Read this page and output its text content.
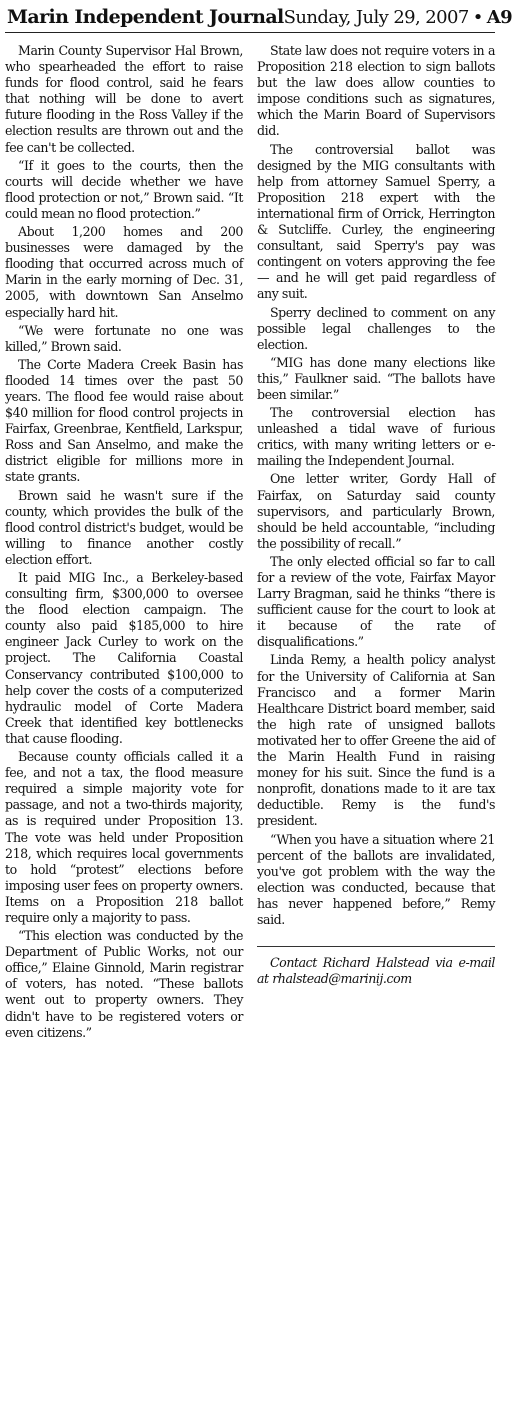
Marin Independent Journal Sunday, July 29, 2007 • A9

Marin County Supervisor Hal Brown, who spearheaded the effort to raise funds for flood control, said he fears that nothing will be done to avert future flooding in the Ross Valley if the election results are thrown out and the fee can't be collected.

“If it goes to the courts, then the courts will decide whether we have flood protection or not,” Brown said. “It could mean no flood protection.”

About 1,200 homes and 200 businesses were damaged by the flooding that occurred across much of Marin in the early morning of Dec. 31, 2005, with downtown San Anselmo especially hard hit.

“We were fortunate no one was killed,” Brown said.

The Corte Madera Creek Basin has flooded 14 times over the past 50 years. The flood fee would raise about $40 million for flood control projects in Fairfax, Greenbrae, Kentfield, Larkspur, Ross and San Anselmo, and make the district eligible for millions more in state grants.

Brown said he wasn't sure if the county, which provides the bulk of the flood control district's budget, would be willing to finance another costly election effort.

It paid MIG Inc., a Berkeley-based consulting firm, $300,000 to oversee the flood election campaign. The county also paid $185,000 to hire engineer Jack Curley to work on the project. The California Coastal Conservancy contributed $100,000 to help cover the costs of a computerized hydraulic model of Corte Madera Creek that identified key bottlenecks that cause flooding.

Because county officials called it a fee, and not a tax, the flood measure required a simple majority vote for passage, and not a two-thirds majority, as is required under Proposition 13. The vote was held under Proposition 218, which requires local governments to hold “protest” elections before imposing user fees on property owners. Items on a Proposition 218 ballot require only a majority to pass.

“This election was conducted by the Department of Public Works, not our office,” Elaine Ginnold, Marin registrar of voters, has noted. “These ballots went out to property owners. They didn't have to be registered voters or even citizens.”

State law does not require voters in a Proposition 218 election to sign ballots but the law does allow counties to impose conditions such as signatures, which the Marin Board of Supervisors did.

The controversial ballot was designed by the MIG consultants with help from attorney Samuel Sperry, a Proposition 218 expert with the international firm of Orrick, Herrington & Sutcliffe. Curley, the engineering consultant, said Sperry's pay was contingent on voters approving the fee — and he will get paid regardless of any suit.

Sperry declined to comment on any possible legal challenges to the election.

“MIG has done many elections like this,” Faulkner said. “The ballots have been similar.”

The controversial election has unleashed a tidal wave of furious critics, with many writing letters or e-mailing the Independent Journal.

One letter writer, Gordy Hall of Fairfax, on Saturday said county supervisors, and particularly Brown, should be held accountable, “including the possibility of recall.”

The only elected official so far to call for a review of the vote, Fairfax Mayor Larry Bragman, said he thinks “there is sufficient cause for the court to look at it because of the rate of disqualifications.”

Linda Remy, a health policy analyst for the University of California at San Francisco and a former Marin Healthcare District board member, said the high rate of unsigned ballots motivated her to offer Greene the aid of the Marin Health Fund in raising money for his suit. Since the fund is a nonprofit, donations made to it are tax deductible. Remy is the fund's president.

“When you have a situation where 21 percent of the ballots are invalidated, you've got problem with the way the election was conducted, because that has never happened before,” Remy said.

Contact Richard Halstead via e-mail at rhalstead@marinij.com
